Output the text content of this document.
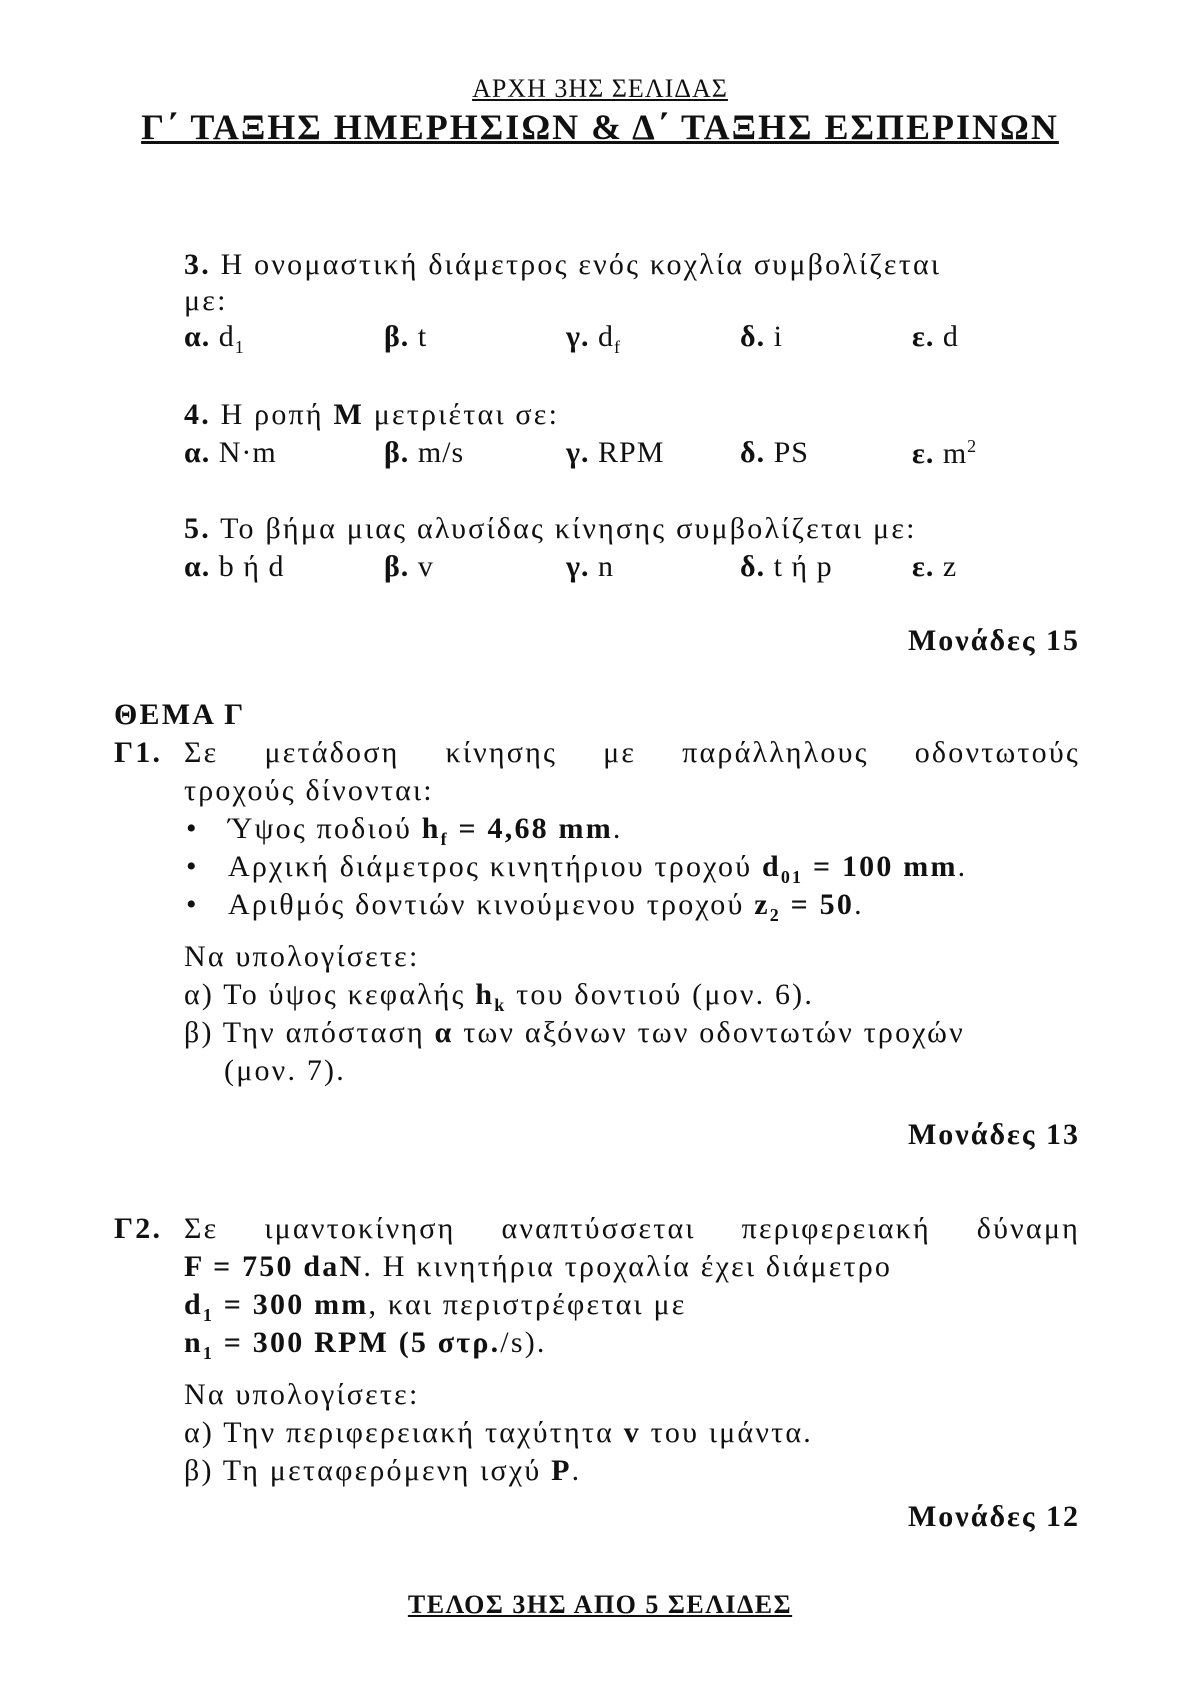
ΑΡΧΗ 3ΗΣ ΣΕΛΙΔΑΣ
Γ΄ ΤΑΞΗΣ ΗΜΕΡΗΣΙΩΝ & Δ΄ ΤΑΞΗΣ ΕΣΠΕΡΙΝΩΝ
3. Η ονομαστική διάμετρος ενός κοχλία συμβολίζεται
με:
α. $d_1$	β. t	γ. $d_f$	δ. i	ε. d
4. Η ροπή M μετριέται σε:
α. N·m	β. m/s	γ. RPM	δ. PS	ε. $m^2$
5. Το βήμα μιας αλυσίδας κίνησης συμβολίζεται με:
α. b ή d	β. v	γ. n	δ. t ή p	ε. z
Μονάδες 15
ΘΕΜΑ Γ
Γ1. Σε μετάδοση κίνησης με παράλληλους οδοντωτούς
τροχούς δίνονται:
• Ύψος ποδιού $h_f = 4,68$ mm.
• Αρχική διάμετρος κινητήριου τροχού $d_{01} = 100$ mm.
• Αριθμός δοντιών κινούμενου τροχού $z_2 = 50$.
Να υπολογίσετε:
α) Το ύψος κεφαλής $h_k$ του δοντιού (μον. 6).
β) Την απόσταση α των αξόνων των οδοντωτών τροχών
(μον. 7).
Μονάδες 13
Γ2. Σε ιμαντοκίνηση αναπτύσσεται περιφερειακή δύναμη
F = 750 daN. Η κινητήρια τροχαλία έχει διάμετρο
$d_1 = 300$ mm, και περιστρέφεται με
$n_1 = 300$ RPM (5 στρ./s).
Να υπολογίσετε:
α) Την περιφερειακή ταχύτητα v του ιμάντα.
β) Τη μεταφερόμενη ισχύ P.
Μονάδες 12
ΤΕΛΟΣ 3ΗΣ ΑΠΟ 5 ΣΕΛΙΔΕΣ
